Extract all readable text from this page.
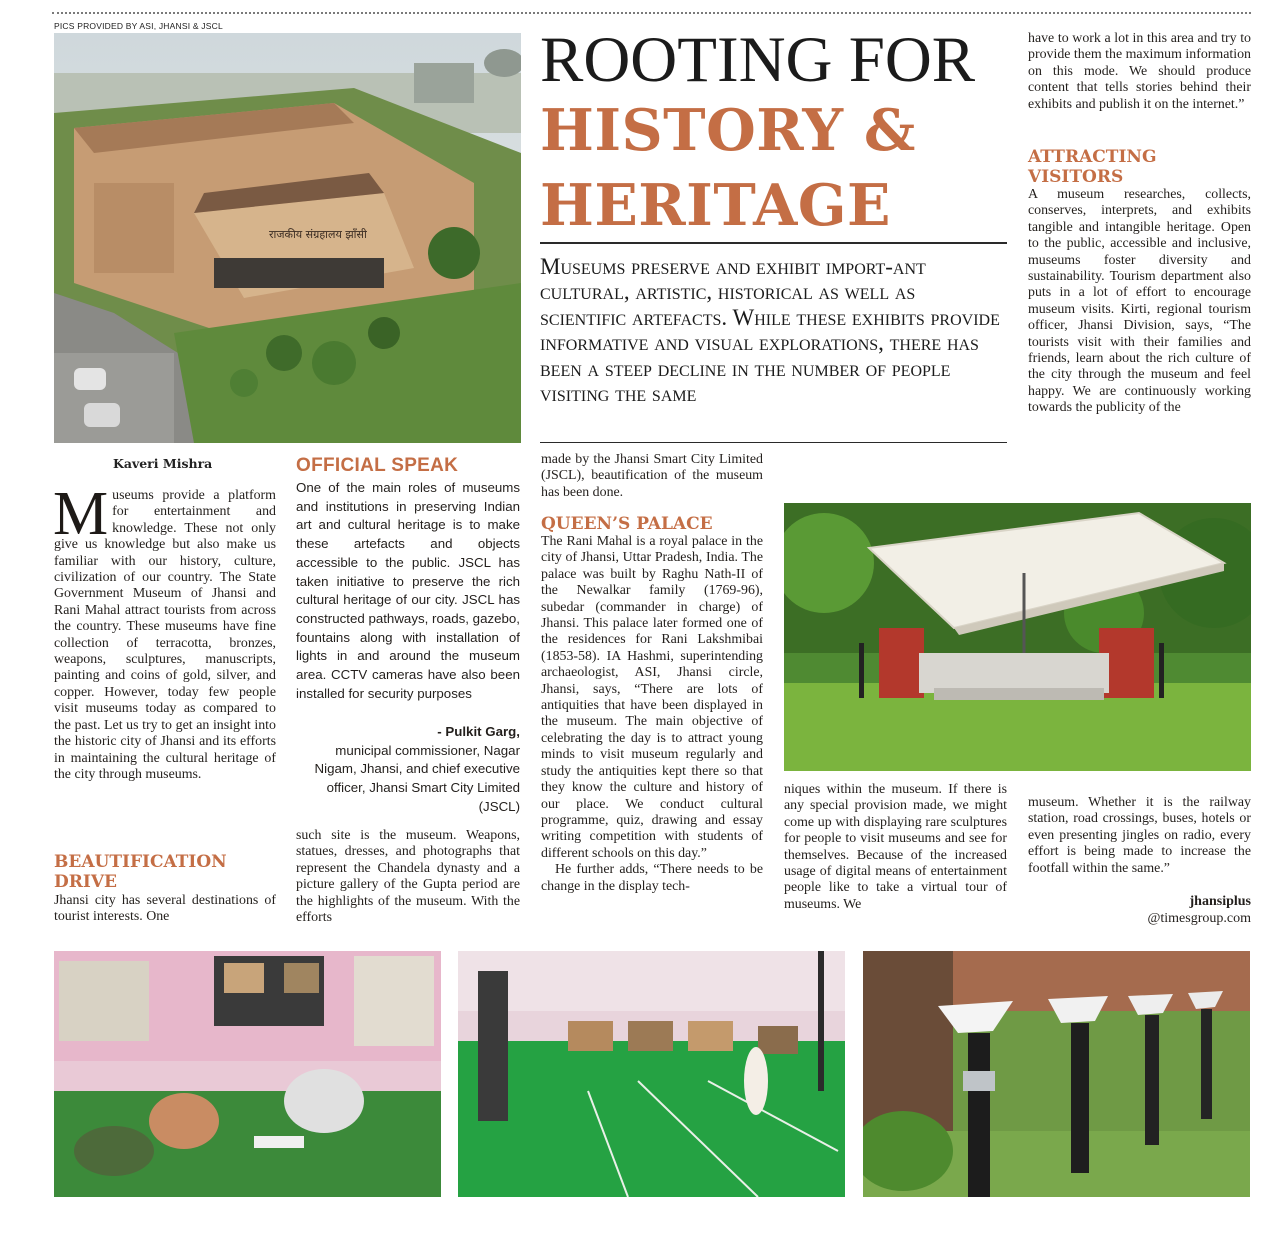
PICS PROVIDED BY ASI, JHANSI & JSCL
राजकीय संग्रहालय झाँसी
ROOTING FOR
HISTORY &
HERITAGE
Museums preserve and exhibit import-ant cultural, artistic, historical as well as scientific artefacts. While these exhibits provide informative and visual explorations, there has been a steep decline in the number of people visiting the same
have to work a lot in this area and try to provide them the maximum information on this mode. We should produce content that tells stories behind their exhibits and publish it on the internet.”
ATTRACTING VISITORS
A museum researches, collects, conserves, interprets, and exhibits tangible and intangible heritage. Open to the public, accessible and inclusive, museums foster diversity and sustainability. Tourism department also puts in a lot of effort to encourage museum visits. Kirti, regional tourism officer, Jhansi Division, says, “The tourists visit with their families and friends, learn about the rich culture of the city through the museum and feel happy. We are continuously working towards the publicity of the
Kaveri Mishra
Museums provide a platform for entertainment and knowledge. These not only give us knowledge but also make us familiar with our history, culture, civilization of our country. The State Government Museum of Jhansi and Rani Mahal attract tourists from across the country. These museums have fine collection of terracotta, bronzes, weapons, sculptures, manuscripts, painting and coins of gold, silver, and copper. However, today few people visit museums today as compared to the past. Let us try to get an insight into the historic city of Jhansi and its efforts in maintaining the cultural heritage of the city through museums.
BEAUTIFICATION DRIVE
Jhansi city has several destinations of tourist interests. One
OFFICIAL SPEAK
One of the main roles of museums and institutions in preserving Indian art and cultural heritage is to make these artefacts and objects accessible to the public. JSCL has taken initiative to preserve the rich cultural heritage of our city. JSCL has constructed pathways, roads, gazebo, fountains along with installation of lights in and around the museum area. CCTV cameras have also been installed for security purposes
- Pulkit Garg,
municipal commissioner, Nagar Nigam, Jhansi, and chief executive officer, Jhansi Smart City Limited (JSCL)
such site is the museum. Weapons, statues, dresses, and photographs that represent the Chandela dynasty and a picture gallery of the Gupta period are the highlights of the museum. With the efforts
made by the Jhansi Smart City Limited (JSCL), beautification of the museum has been done.
QUEEN’S PALACE
The Rani Mahal is a royal palace in the city of Jhansi, Uttar Pradesh, India. The palace was built by Raghu Nath-II of the Newalkar family (1769-96), subedar (commander in charge) of Jhansi. This palace later formed one of the residences for Rani Lakshmibai (1853-58). IA Hashmi, superintending archaeologist, ASI, Jhansi circle, Jhansi, says, “There are lots of antiquities that have been displayed in the museum. The main objective of celebrating the day is to attract young minds to visit museum regularly and study the antiquities kept there so that they know the culture and history of our place. We conduct cultural programme, quiz, drawing and essay writing competition with students of different schools on this day.”
He further adds, “There needs to be change in the display tech-
niques within the museum. If there is any special provision made, we might come up with displaying rare sculptures for people to visit museums and see for themselves. Because of the increased usage of digital means of entertainment people like to take a virtual tour of museums. We
museum. Whether it is the railway station, road crossings, buses, hotels or even presenting jingles on radio, every effort is being made to increase the footfall within the same.”
jhansiplus
@timesgroup.com
